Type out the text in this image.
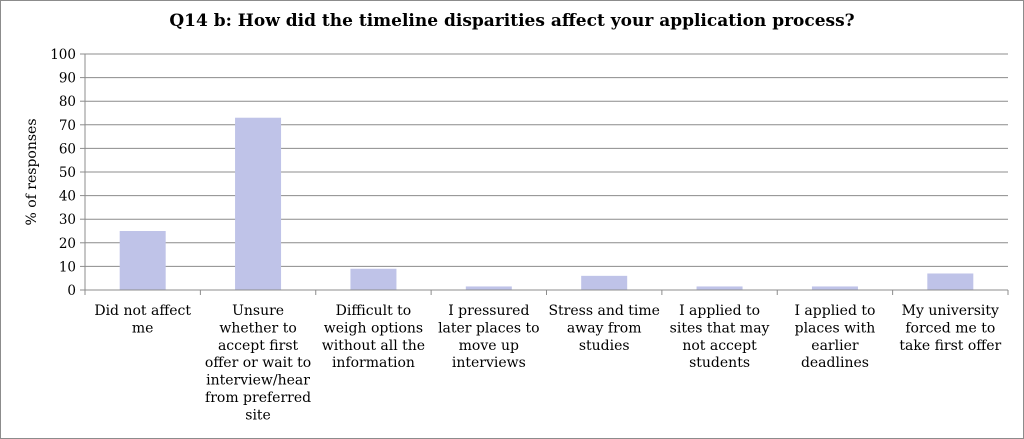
Q14 b: How did the timeline disparities affect your application process?
0
10
20
30
40
50
60
70
80
90
100
Did not affect me
Unsure whether to accept first offer or wait to interview/hear from preferred site
Difficult to weigh options without all the information
I pressured later places to move up interviews
Stress and time away from studies
I applied to sites that may not accept students
I applied to places with earlier deadlines
My university forced me to take first offer
% of responses
